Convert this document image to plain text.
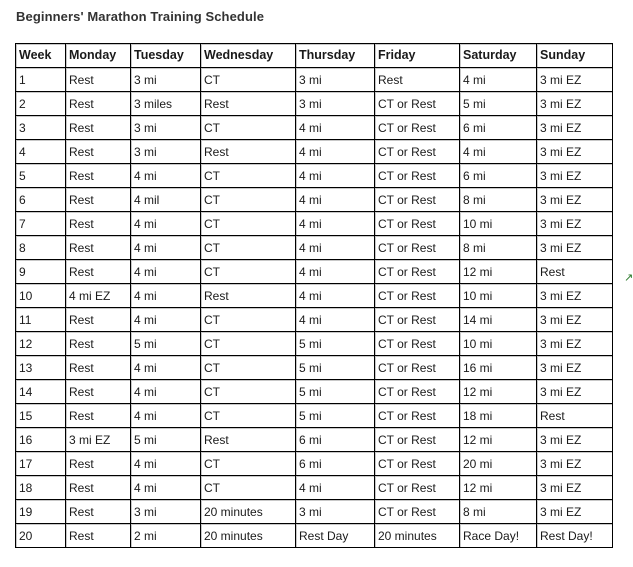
Beginners' Marathon Training Schedule
Week	Monday	Tuesday	Wednesday	Thursday	Friday	Saturday	Sunday
1	Rest	3 mi	CT	3 mi	Rest	4 mi	3 mi EZ
2	Rest	3 miles	Rest	3 mi	CT or Rest	5 mi	3 mi EZ
3	Rest	3 mi	CT	4 mi	CT or Rest	6 mi	3 mi EZ
4	Rest	3 mi	Rest	4 mi	CT or Rest	4 mi	3 mi EZ
5	Rest	4 mi	CT	4 mi	CT or Rest	6 mi	3 mi EZ
6	Rest	4 mil	CT	4 mi	CT or Rest	8 mi	3 mi EZ
7	Rest	4 mi	CT	4 mi	CT or Rest	10 mi	3 mi EZ
8	Rest	4 mi	CT	4 mi	CT or Rest	8 mi	3 mi EZ
9	Rest	4 mi	CT	4 mi	CT or Rest	12 mi	Rest
10	4 mi EZ	4 mi	Rest	4 mi	CT or Rest	10 mi	3 mi EZ
11	Rest	4 mi	CT	4 mi	CT or Rest	14 mi	3 mi EZ
12	Rest	5 mi	CT	5 mi	CT or Rest	10 mi	3 mi EZ
13	Rest	4 mi	CT	5 mi	CT or Rest	16 mi	3 mi EZ
14	Rest	4 mi	CT	5 mi	CT or Rest	12 mi	3 mi EZ
15	Rest	4 mi	CT	5 mi	CT or Rest	18 mi	Rest
16	3 mi EZ	5 mi	Rest	6 mi	CT or Rest	12 mi	3 mi EZ
17	Rest	4 mi	CT	6 mi	CT or Rest	20 mi	3 mi EZ
18	Rest	4 mi	CT	4 mi	CT or Rest	12 mi	3 mi EZ
19	Rest	3 mi	20 minutes	3 mi	CT or Rest	8 mi	3 mi EZ
20	Rest	2 mi	20 minutes	Rest Day	20 minutes	Race Day!	Rest Day!
↗
